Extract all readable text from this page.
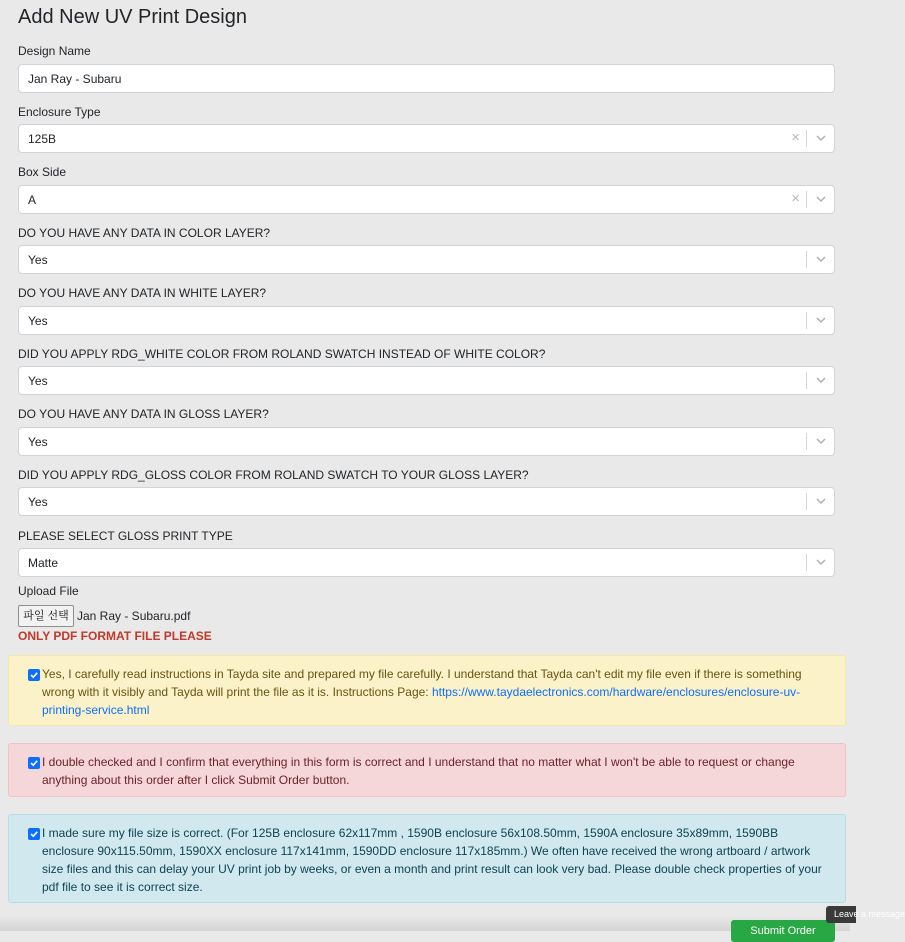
Add New UV Print Design
Design Name
Jan Ray - Subaru
Enclosure Type
125B	×
Box Side
A	×
DO YOU HAVE ANY DATA IN COLOR LAYER?
Yes
DO YOU HAVE ANY DATA IN WHITE LAYER?
Yes
DID YOU APPLY RDG_WHITE COLOR FROM ROLAND SWATCH INSTEAD OF WHITE COLOR?
Yes
DO YOU HAVE ANY DATA IN GLOSS LAYER?
Yes
DID YOU APPLY RDG_GLOSS COLOR FROM ROLAND SWATCH TO YOUR GLOSS LAYER?
Yes
PLEASE SELECT GLOSS PRINT TYPE
Matte
Upload File
파일 선택 Jan Ray - Subaru.pdf
ONLY PDF FORMAT FILE PLEASE
Yes, I carefully read instructions in Tayda site and prepared my file carefully. I understand that Tayda can't edit my file even if there is something wrong with it visibly and Tayda will print the file as it is. Instructions Page: https://www.taydaelectronics.com/hardware/enclosures/enclosure-uv-printing-service.html
I double checked and I confirm that everything in this form is correct and I understand that no matter what I won't be able to request or change anything about this order after I click Submit Order button.
I made sure my file size is correct. (For 125B enclosure 62x117mm , 1590B enclosure 56x108.50mm, 1590A enclosure 35x89mm, 1590BB enclosure 90x115.50mm, 1590XX enclosure 117x141mm, 1590DD enclosure 117x185mm.) We often have received the wrong artboard / artwork size files and this can delay your UV print job by weeks, or even a month and print result can look very bad. Please double check properties of your pdf file to see it is correct size.
Submit Order
Leave a message
